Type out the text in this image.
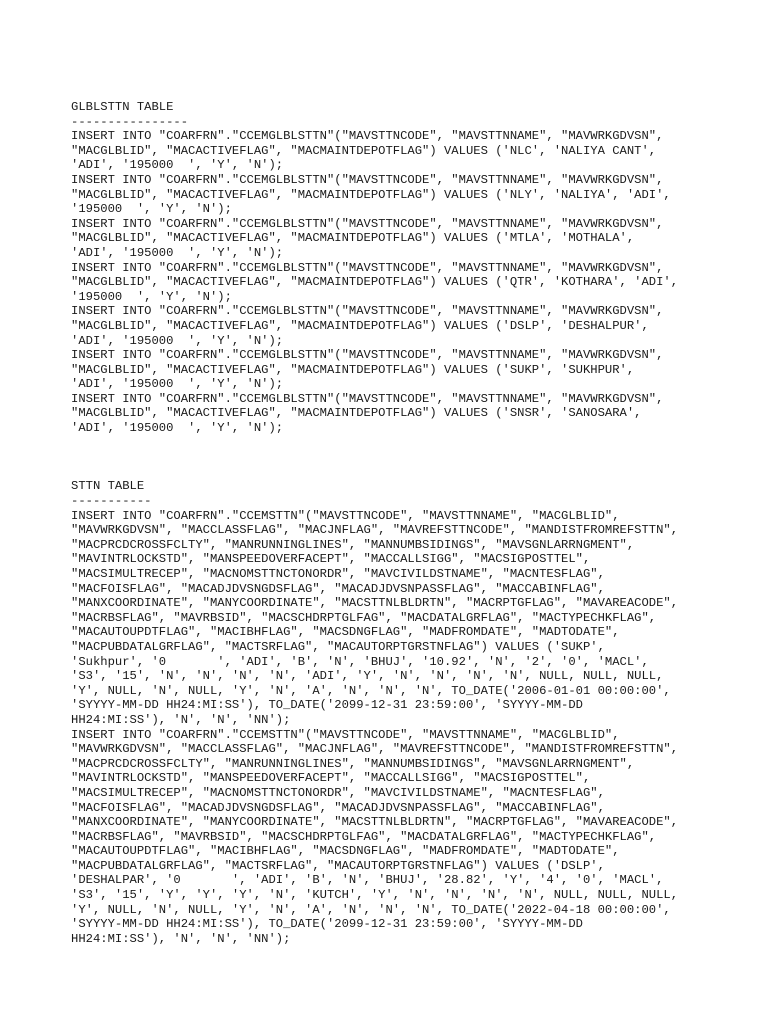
GLBLSTTN TABLE
----------------
INSERT INTO "COARFRN"."CCEMGLBLSTTN"("MAVSTTNCODE", "MAVSTTNNAME", "MAVWRKGDVSN",
"MACGLBLID", "MACACTIVEFLAG", "MACMAINTDEPOTFLAG") VALUES ('NLC', 'NALIYA CANT',
'ADI', '195000  ', 'Y', 'N');
INSERT INTO "COARFRN"."CCEMGLBLSTTN"("MAVSTTNCODE", "MAVSTTNNAME", "MAVWRKGDVSN",
"MACGLBLID", "MACACTIVEFLAG", "MACMAINTDEPOTFLAG") VALUES ('NLY', 'NALIYA', 'ADI',
'195000  ', 'Y', 'N');
INSERT INTO "COARFRN"."CCEMGLBLSTTN"("MAVSTTNCODE", "MAVSTTNNAME", "MAVWRKGDVSN",
"MACGLBLID", "MACACTIVEFLAG", "MACMAINTDEPOTFLAG") VALUES ('MTLA', 'MOTHALA',
'ADI', '195000  ', 'Y', 'N');
INSERT INTO "COARFRN"."CCEMGLBLSTTN"("MAVSTTNCODE", "MAVSTTNNAME", "MAVWRKGDVSN",
"MACGLBLID", "MACACTIVEFLAG", "MACMAINTDEPOTFLAG") VALUES ('QTR', 'KOTHARA', 'ADI',
'195000  ', 'Y', 'N');
INSERT INTO "COARFRN"."CCEMGLBLSTTN"("MAVSTTNCODE", "MAVSTTNNAME", "MAVWRKGDVSN",
"MACGLBLID", "MACACTIVEFLAG", "MACMAINTDEPOTFLAG") VALUES ('DSLP', 'DESHALPUR',
'ADI', '195000  ', 'Y', 'N');
INSERT INTO "COARFRN"."CCEMGLBLSTTN"("MAVSTTNCODE", "MAVSTTNNAME", "MAVWRKGDVSN",
"MACGLBLID", "MACACTIVEFLAG", "MACMAINTDEPOTFLAG") VALUES ('SUKP', 'SUKHPUR',
'ADI', '195000  ', 'Y', 'N');
INSERT INTO "COARFRN"."CCEMGLBLSTTN"("MAVSTTNCODE", "MAVSTTNNAME", "MAVWRKGDVSN",
"MACGLBLID", "MACACTIVEFLAG", "MACMAINTDEPOTFLAG") VALUES ('SNSR', 'SANOSARA',
'ADI', '195000  ', 'Y', 'N');
STTN TABLE
-----------
INSERT INTO "COARFRN"."CCEMSTTN"("MAVSTTNCODE", "MAVSTTNNAME", "MACGLBLID",
"MAVWRKGDVSN", "MACCLASSFLAG", "MACJNFLAG", "MAVREFSTTNCODE", "MANDISTFROMREFSTTN",
"MACPRCDCROSSFCLTY", "MANRUNNINGLINES", "MANNUMBSIDINGS", "MAVSGNLARRNGMENT",
"MAVINTRLOCKSTD", "MANSPEEDOVERFACEPT", "MACCALLSIGG", "MACSIGPOSTTEL",
"MACSIMULTRECEP", "MACNOMSTTNCTONORDR", "MAVCIVILDSTNAME", "MACNTESFLAG",
"MACFOISFLAG", "MACADJDVSNGDSFLAG", "MACADJDVSNPASSFLAG", "MACCABINFLAG",
"MANXCOORDINATE", "MANYCOORDINATE", "MACSTTNLBLDRTN", "MACRPTGFLAG", "MAVAREACODE",
"MACRBSFLAG", "MAVRBSID", "MACSCHDRPTGLFAG", "MACDATALGRFLAG", "MACTYPECHKFLAG",
"MACAUTOUPDTFLAG", "MACIBHFLAG", "MACSDNGFLAG", "MADFROMDATE", "MADTODATE",
"MACPUBDATALGRFLAG", "MACTSRFLAG", "MACAUTORPTGRSTNFLAG") VALUES ('SUKP',
'Sukhpur', '0       ', 'ADI', 'B', 'N', 'BHUJ', '10.92', 'N', '2', '0', 'MACL',
'S3', '15', 'N', 'N', 'N', 'N', 'ADI', 'Y', 'N', 'N', 'N', 'N', NULL, NULL, NULL,
'Y', NULL, 'N', NULL, 'Y', 'N', 'A', 'N', 'N', 'N', TO_DATE('2006-01-01 00:00:00',
'SYYYY-MM-DD HH24:MI:SS'), TO_DATE('2099-12-31 23:59:00', 'SYYYY-MM-DD
HH24:MI:SS'), 'N', 'N', 'NN');
INSERT INTO "COARFRN"."CCEMSTTN"("MAVSTTNCODE", "MAVSTTNNAME", "MACGLBLID",
"MAVWRKGDVSN", "MACCLASSFLAG", "MACJNFLAG", "MAVREFSTTNCODE", "MANDISTFROMREFSTTN",
"MACPRCDCROSSFCLTY", "MANRUNNINGLINES", "MANNUMBSIDINGS", "MAVSGNLARRNGMENT",
"MAVINTRLOCKSTD", "MANSPEEDOVERFACEPT", "MACCALLSIGG", "MACSIGPOSTTEL",
"MACSIMULTRECEP", "MACNOMSTTNCTONORDR", "MAVCIVILDSTNAME", "MACNTESFLAG",
"MACFOISFLAG", "MACADJDVSNGDSFLAG", "MACADJDVSNPASSFLAG", "MACCABINFLAG",
"MANXCOORDINATE", "MANYCOORDINATE", "MACSTTNLBLDRTN", "MACRPTGFLAG", "MAVAREACODE",
"MACRBSFLAG", "MAVRBSID", "MACSCHDRPTGLFAG", "MACDATALGRFLAG", "MACTYPECHKFLAG",
"MACAUTOUPDTFLAG", "MACIBHFLAG", "MACSDNGFLAG", "MADFROMDATE", "MADTODATE",
"MACPUBDATALGRFLAG", "MACTSRFLAG", "MACAUTORPTGRSTNFLAG") VALUES ('DSLP',
'DESHALPAR', '0       ', 'ADI', 'B', 'N', 'BHUJ', '28.82', 'Y', '4', '0', 'MACL',
'S3', '15', 'Y', 'Y', 'Y', 'N', 'KUTCH', 'Y', 'N', 'N', 'N', 'N', NULL, NULL, NULL,
'Y', NULL, 'N', NULL, 'Y', 'N', 'A', 'N', 'N', 'N', TO_DATE('2022-04-18 00:00:00',
'SYYYY-MM-DD HH24:MI:SS'), TO_DATE('2099-12-31 23:59:00', 'SYYYY-MM-DD
HH24:MI:SS'), 'N', 'N', 'NN');
